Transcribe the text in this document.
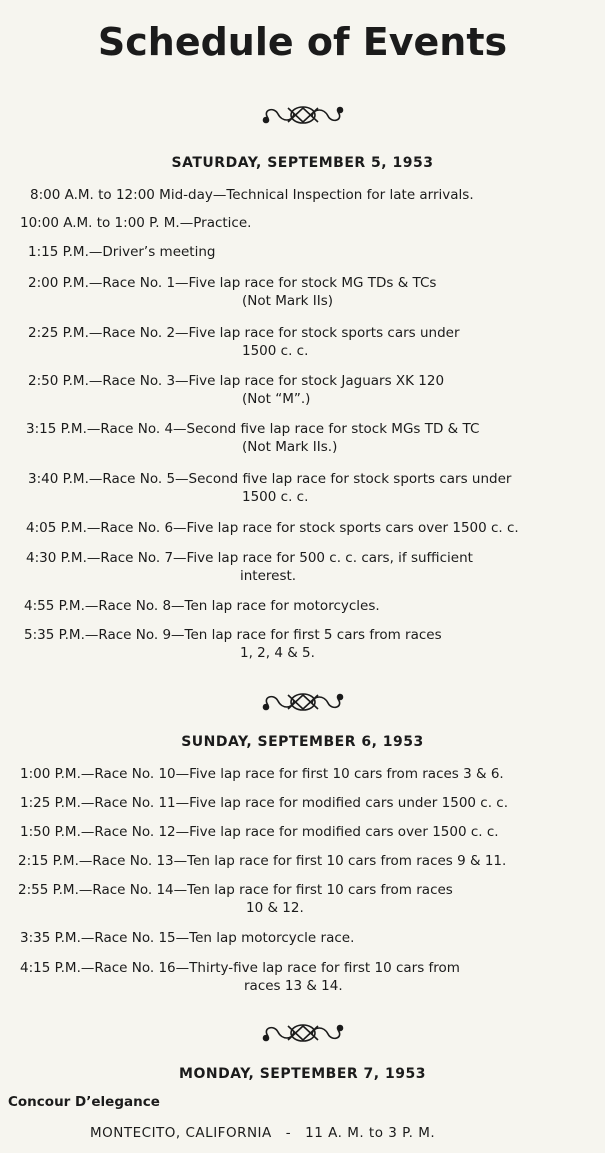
Schedule of Events
SATURDAY, SEPTEMBER 5, 1953
8:00 A.M. to 12:00 Mid-day—Technical Inspection for late arrivals.
10:00 A.M. to 1:00 P. M.—Practice.
1:15 P.M.—Driver’s meeting
2:00 P.M.—Race No. 1—Five lap race for stock MG TDs & TCs
(Not Mark IIs)
2:25 P.M.—Race No. 2—Five lap race for stock sports cars under
1500 c. c.
2:50 P.M.—Race No. 3—Five lap race for stock Jaguars XK 120
(Not “M”.)
3:15 P.M.—Race No. 4—Second five lap race for stock MGs TD & TC
(Not Mark IIs.)
3:40 P.M.—Race No. 5—Second five lap race for stock sports cars under
1500 c. c.
4:05 P.M.—Race No. 6—Five lap race for stock sports cars over 1500 c. c.
4:30 P.M.—Race No. 7—Five lap race for 500 c. c. cars, if sufficient
interest.
4:55 P.M.—Race No. 8—Ten lap race for motorcycles.
5:35 P.M.—Race No. 9—Ten lap race for first 5 cars from races
1, 2, 4 & 5.
SUNDAY, SEPTEMBER 6, 1953
1:00 P.M.—Race No. 10—Five lap race for first 10 cars from races 3 & 6.
1:25 P.M.—Race No. 11—Five lap race for modified cars under 1500 c. c.
1:50 P.M.—Race No. 12—Five lap race for modified cars over 1500 c. c.
2:15 P.M.—Race No. 13—Ten lap race for first 10 cars from races 9 & 11.
2:55 P.M.—Race No. 14—Ten lap race for first 10 cars from races
10 & 12.
3:35 P.M.—Race No. 15—Ten lap motorcycle race.
4:15 P.M.—Race No. 16—Thirty-five lap race for first 10 cars from
races 13 & 14.
MONDAY, SEPTEMBER 7, 1953
Concour D’elegance
MONTECITO, CALIFORNIA - 11 A. M. to 3 P. M.
